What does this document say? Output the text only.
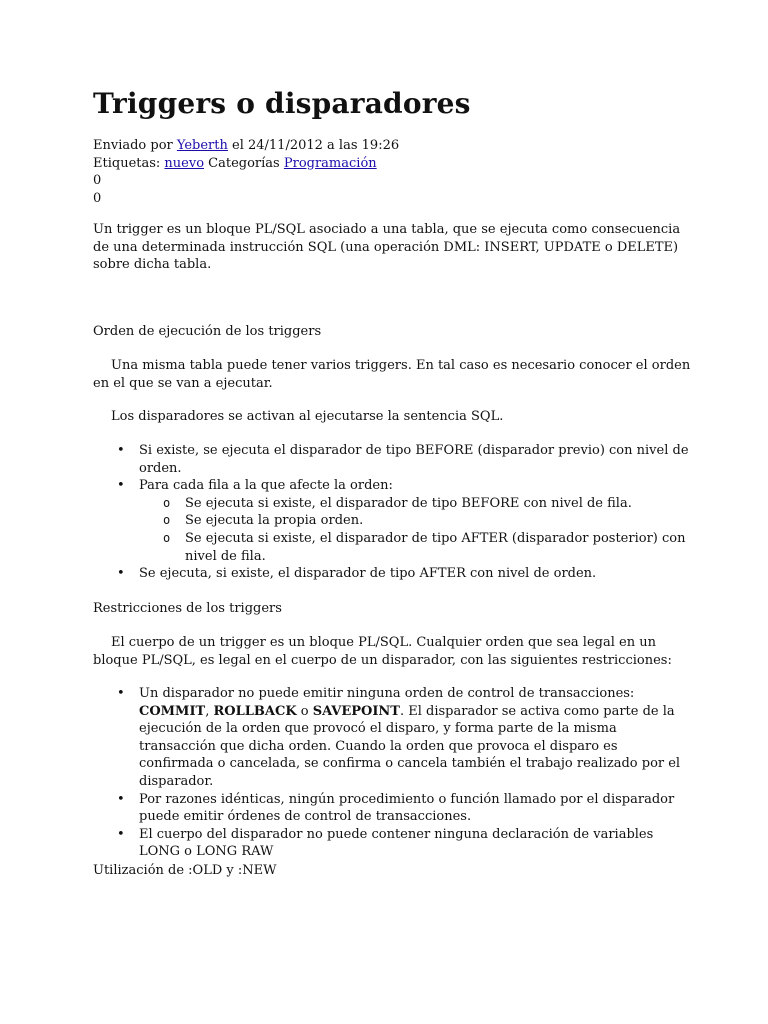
Triggers o disparadores
Enviado por Yeberth el 24/11/2012 a las 19:26
Etiquetas: nuevo Categorías Programación
0
0

Un trigger es un bloque PL/SQL asociado a una tabla, que se ejecuta como consecuencia de una determinada instrucción SQL (una operación DML: INSERT, UPDATE o DELETE) sobre dicha tabla.

Orden de ejecución de los triggers

Una misma tabla puede tener varios triggers. En tal caso es necesario conocer el orden en el que se van a ejecutar.

Los disparadores se activan al ejecutarse la sentencia SQL.

• Si existe, se ejecuta el disparador de tipo BEFORE (disparador previo) con nivel de orden.
• Para cada fila a la que afecte la orden:
o Se ejecuta si existe, el disparador de tipo BEFORE con nivel de fila.
o Se ejecuta la propia orden.
o Se ejecuta si existe, el disparador de tipo AFTER (disparador posterior) con nivel de fila.
• Se ejecuta, si existe, el disparador de tipo AFTER con nivel de orden.

Restricciones de los triggers

El cuerpo de un trigger es un bloque PL/SQL. Cualquier orden que sea legal en un bloque PL/SQL, es legal en el cuerpo de un disparador, con las siguientes restricciones:

• Un disparador no puede emitir ninguna orden de control de transacciones: COMMIT, ROLLBACK o SAVEPOINT. El disparador se activa como parte de la ejecución de la orden que provocó el disparo, y forma parte de la misma transacción que dicha orden. Cuando la orden que provoca el disparo es confirmada o cancelada, se confirma o cancela también el trabajo realizado por el disparador.
• Por razones idénticas, ningún procedimiento o función llamado por el disparador puede emitir órdenes de control de transacciones.
• El cuerpo del disparador no puede contener ninguna declaración de variables LONG o LONG RAW

Utilización de :OLD y :NEW
